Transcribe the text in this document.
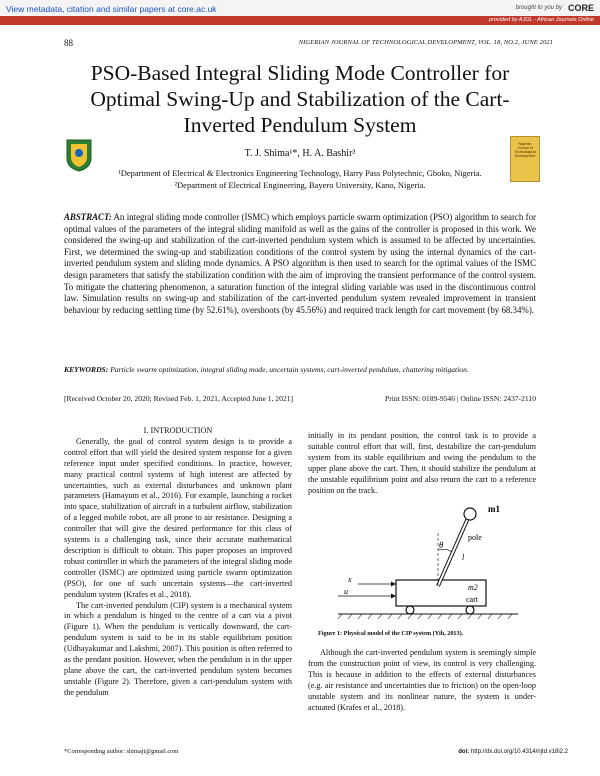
View metadata, citation and similar papers at core.ac.uk	brought to you by CORE
provided by AJOL - African Journals Online
88	NIGERIAN JOURNAL OF TECHNOLOGICAL DEVELOPMENT, VOL. 18, NO.2, JUNE 2021
PSO-Based Integral Sliding Mode Controller for Optimal Swing-Up and Stabilization of the Cart-Inverted Pendulum System
Nigerian Journal of Technological Development
T. J. Shima¹*, H. A. Bashir²
¹Department of Electrical & Electronics Engineering Technology, Harry Pass Polytechnic, Gboko, Nigeria.
²Department of Electrical Engineering, Bayero University, Kano, Nigeria.
ABSTRACT: An integral sliding mode controller (ISMC) which employs particle swarm optimization (PSO) algorithm to search for optimal values of the parameters of the integral sliding manifold as well as the gains of the controller is proposed in this work. We considered the swing-up and stabilization of the cart-inverted pendulum system which is assumed to be affected by uncertainties. First, we determined the swing-up and stabilization conditions of the control system by using the internal dynamics of the cart-inverted pendulum system and sliding mode dynamics. A PSO algorithm is then used to search for the optimal values of the ISMC design parameters that satisfy the stabilization condition with the aim of improving the transient performance of the control system. To mitigate the chattering phenomenon, a saturation function of the integral sliding variable was used in the discontinuous control law. Simulation results on swing-up and stabilization of the cart-inverted pendulum system revealed improvement in transient behaviour by reducing settling time (by 52.61%), overshoots (by 45.56%) and required track length for cart movement (by 68.34%).
KEYWORDS: Particle swarm optimization, integral sliding mode, uncertain systems, cart-inverted pendulum, chattering mitigation.
[Received October 20, 2020; Revised Feb. 1, 2021, Accepted June 1, 2021]	Print ISSN: 0189-9546 | Online ISSN: 2437-2110

I. INTRODUCTION

Generally, the goal of control system design is to provide a control effort that will yield the desired system response for a given reference input under specified conditions. In practice, however, many practical control systems of high interest are affected by uncertainties, such as external disturbances and unknown plant parameters (Hamayum et al., 2016). For example, launching a rocket into space, stabilization of aircraft in a turbulent airflow, stabilization of a legged mobile robot, are all prone to air resistance. Designing a controller that will give the desired performance for this class of systems is a challenging task, since their accurate mathematical description is difficult to obtain. This paper proposes an improved robust controller in which the parameters of the integral sliding mode controller (ISMC) are optimized using particle swarm optimization (PSO), for one of such uncertain systems—the cart-inverted pendulum system (Krafes et al., 2018).

The cart-inverted pendulum (CIP) system is a mechanical system in which a pendulum is hinged to the centre of a cart via a pivot (Figure 1). When the pendulum is vertically downward, the cart-pendulum system is said to be in its stable equilibrium position (Udhayakumar and Lakshmi, 2007). This position is often referred to as the pendant position. However, when the pendulum is in the upper plane above the cart, the cart-inverted pendulum system becomes unstable (Figure 2). Therefore, given a cart-pendulum system with the pendulum

*Corresponding author: shimajt@gmail.com

initially in its pendant position, the control task is to provide a suitable control effort that will, first, destabilize the cart-pendulum system from its stable equilibrium and swing the pendulum to the upper plane above the cart. Then, it should stabilize the pendulum at the unstable equilibrium point and also return the cart to a reference position on the track.

m1
θ
pole
l
m2
x
u
cart
Figure 1: Physical model of the CIP system (Yih, 2013).

Although the cart-inverted pendulum system is seemingly simple from the construction point of view, its control is very challenging. This is because in addition to the effects of external disturbances (e.g. air resistance and uncertainties due to friction) on the open-loop unstable system and its nonlinear nature, the system is under-actuated (Krafes et al., 2018).

doi: http://dx.doi.org/10.4314/njtd.v18i2.2
